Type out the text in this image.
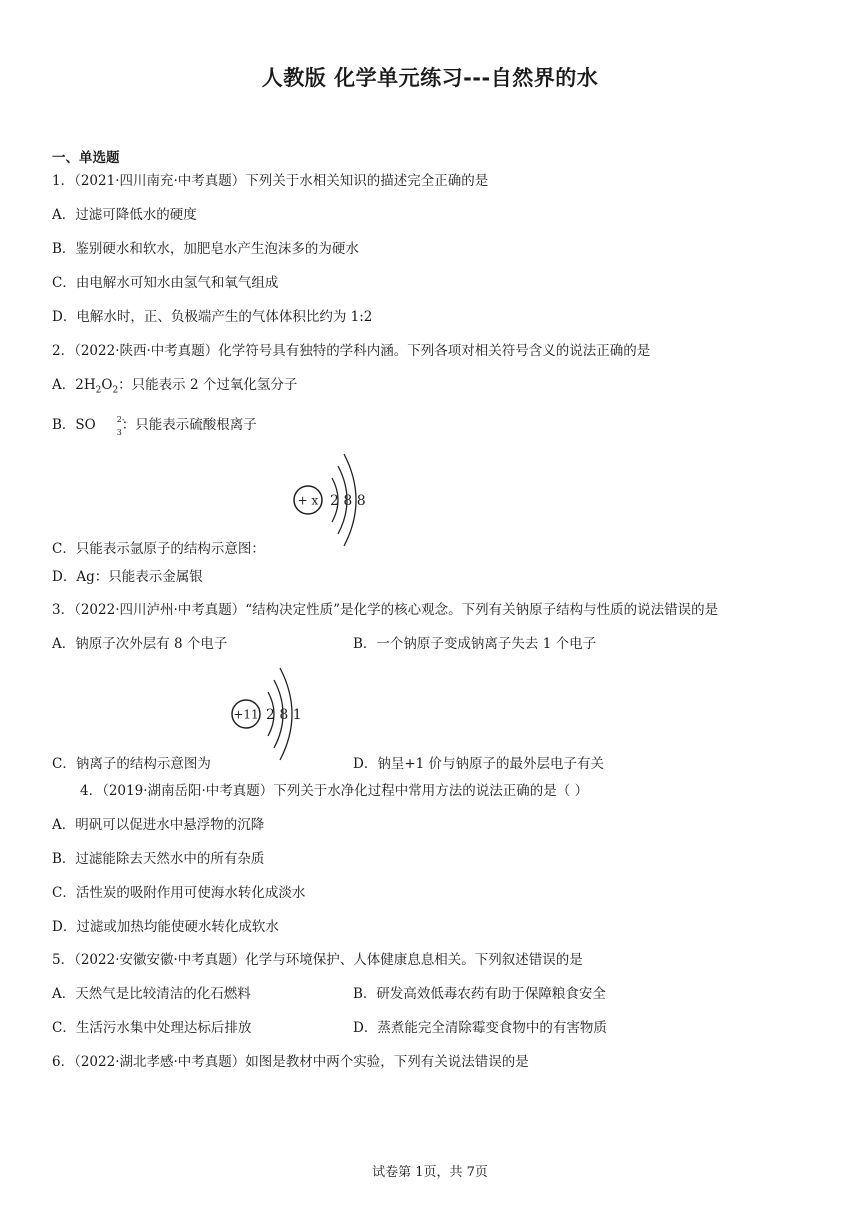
人教版 化学单元练习---自然界的水
一、单选题
1．（2021·四川南充·中考真题）下列关于水相关知识的描述完全正确的是
A．过滤可降低水的硬度
B．鉴别硬水和软水，加肥皂水产生泡沫多的为硬水
C．由电解水可知水由氢气和氧气组成
D．电解水时，正、负极端产生的气体体积比约为 1:2
2．（2022·陕西·中考真题）化学符号具有独特的学科内涵。下列各项对相关符号含义的说法正确的是
A．$2H_2O_2$：只能表示 2 个过氧化氢分子
B．SO	2-
3 ：只能表示硫酸根离子
+ x 2 8 8
C．只能表示氩原子的结构示意图：
D．Ag：只能表示金属银
3．（2022·四川泸州·中考真题）“结构决定性质”是化学的核心观念。下列有关钠原子结构与性质的说法错误的是
A．钠原子次外层有 8 个电子	B．一个钠原子变成钠离子失去 1 个电子
+11 2 8 1
C．钠离子的结构示意图为	D．钠呈+1 价与钠原子的最外层电子有关
4．（2019·湖南岳阳·中考真题）下列关于水净化过程中常用方法的说法正确的是（ ）
A．明矾可以促进水中悬浮物的沉降
B．过滤能除去天然水中的所有杂质
C．活性炭的吸附作用可使海水转化成淡水
D．过滤或加热均能使硬水转化成软水
5．（2022·安徽安徽·中考真题）化学与环境保护、人体健康息息相关。下列叙述错误的是
A．天然气是比较清洁的化石燃料	B．研发高效低毒农药有助于保障粮食安全
C．生活污水集中处理达标后排放	D．蒸煮能完全清除霉变食物中的有害物质
6．（2022·湖北孝感·中考真题）如图是教材中两个实验，下列有关说法错误的是
试卷第 1页，共 7页
